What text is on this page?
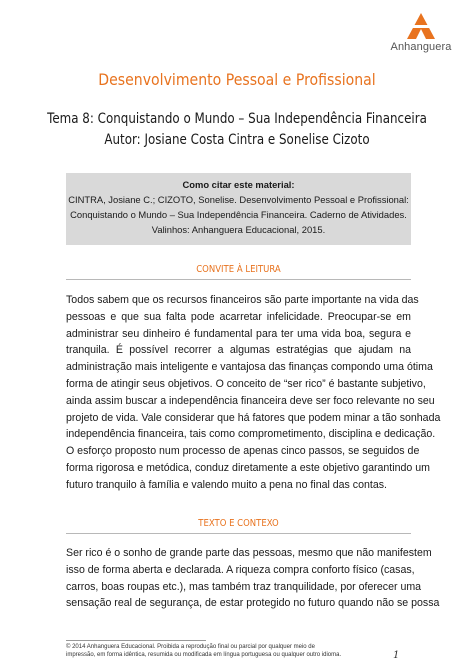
Anhanguera
Desenvolvimento Pessoal e Profissional
Tema 8: Conquistando o Mundo – Sua Independência Financeira
Autor: Josiane Costa Cintra e Sonelise Cizoto
Como citar este material:
CINTRA, Josiane C.; CIZOTO, Sonelise. Desenvolvimento Pessoal e Profissional:
Conquistando o Mundo – Sua Independência Financeira. Caderno de Atividades.
Valinhos: Anhanguera Educacional, 2015.
CONVITE À LEITURA
Todos sabem que os recursos financeiros são parte importante na vida das
pessoas e que sua falta pode acarretar infelicidade. Preocupar-se em
administrar seu dinheiro é fundamental para ter uma vida boa, segura e
tranquila. É possível recorrer a algumas estratégias que ajudam na
administração mais inteligente e vantajosa das finanças compondo uma ótima
forma de atingir seus objetivos. O conceito de “ser rico” é bastante subjetivo,
ainda assim buscar a independência financeira deve ser foco relevante no seu
projeto de vida. Vale considerar que há fatores que podem minar a tão sonhada
independência financeira, tais como comprometimento, disciplina e dedicação.
O esforço proposto num processo de apenas cinco passos, se seguidos de
forma rigorosa e metódica, conduz diretamente a este objetivo garantindo um
futuro tranquilo à família e valendo muito a pena no final das contas.
TEXTO E CONTEXO
Ser rico é o sonho de grande parte das pessoas, mesmo que não manifestem
isso de forma aberta e declarada. A riqueza compra conforto físico (casas,
carros, boas roupas etc.), mas também traz tranquilidade, por oferecer uma
sensação real de segurança, de estar protegido no futuro quando não se possa
© 2014 Anhanguera Educacional. Proibida a reprodução final ou parcial por qualquer meio de
impressão, em forma idêntica, resumida ou modificada em língua portuguesa ou qualquer outro idioma.	1
